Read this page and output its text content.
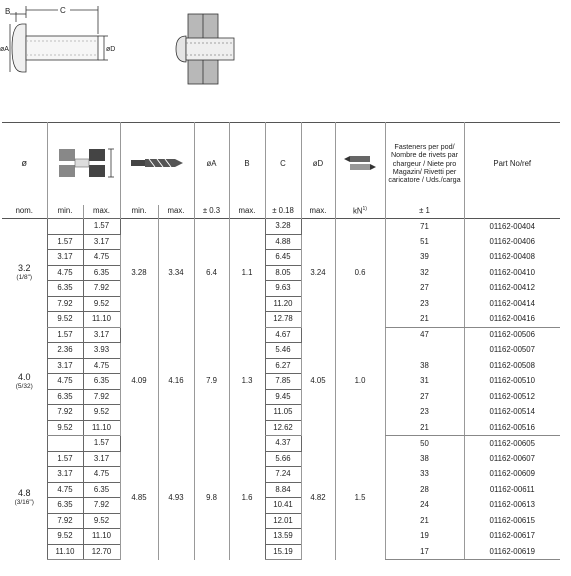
B	C
øA	øD
ø					øA	B	C	øD		Fasteners per pod/ Nombre de rivets par chargeur / Niete pro Magazin/ Rivetti per caricatore / Uds./carga	Part No/ref
nom.	min.	max.	min.	max.	± 0.3	max.	± 0.18	max.	$kN^{1)}$	± 1	
3.2
(1/8")		1.57	3.28	3.34	6.4	1.1	3.28	3.24	0.6	71	01162-00404
	1.57	3.17					4.88			51	01162-00406
	3.17	4.75					6.45			39	01162-00408
	4.75	6.35					8.05			32	01162-00410
	6.35	7.92					9.63			27	01162-00412
	7.92	9.52					11.20			23	01162-00414
	9.52	11.10					12.78			21	01162-00416
4.0
(5/32)	1.57	3.17	4.09	4.16	7.9	1.3	4.67	4.05	1.0	47	01162-00506
	2.36	3.93					5.46				01162-00507
	3.17	4.75					6.27			38	01162-00508
	4.75	6.35					7.85			31	01162-00510
	6.35	7.92					9.45			27	01162-00512
	7.92	9.52					11.05			23	01162-00514
	9.52	11.10					12.62			21	01162-00516
4.8
(3/16")		1.57	4.85	4.93	9.8	1.6	4.37	4.82	1.5	50	01162-00605
	1.57	3.17					5.66			38	01162-00607
	3.17	4.75					7.24			33	01162-00609
	4.75	6.35					8.84			28	01162-00611
	6.35	7.92					10.41			24	01162-00613
	7.92	9.52					12.01			21	01162-00615
	9.52	11.10					13.59			19	01162-00617
	11.10	12.70					15.19			17	01162-00619
